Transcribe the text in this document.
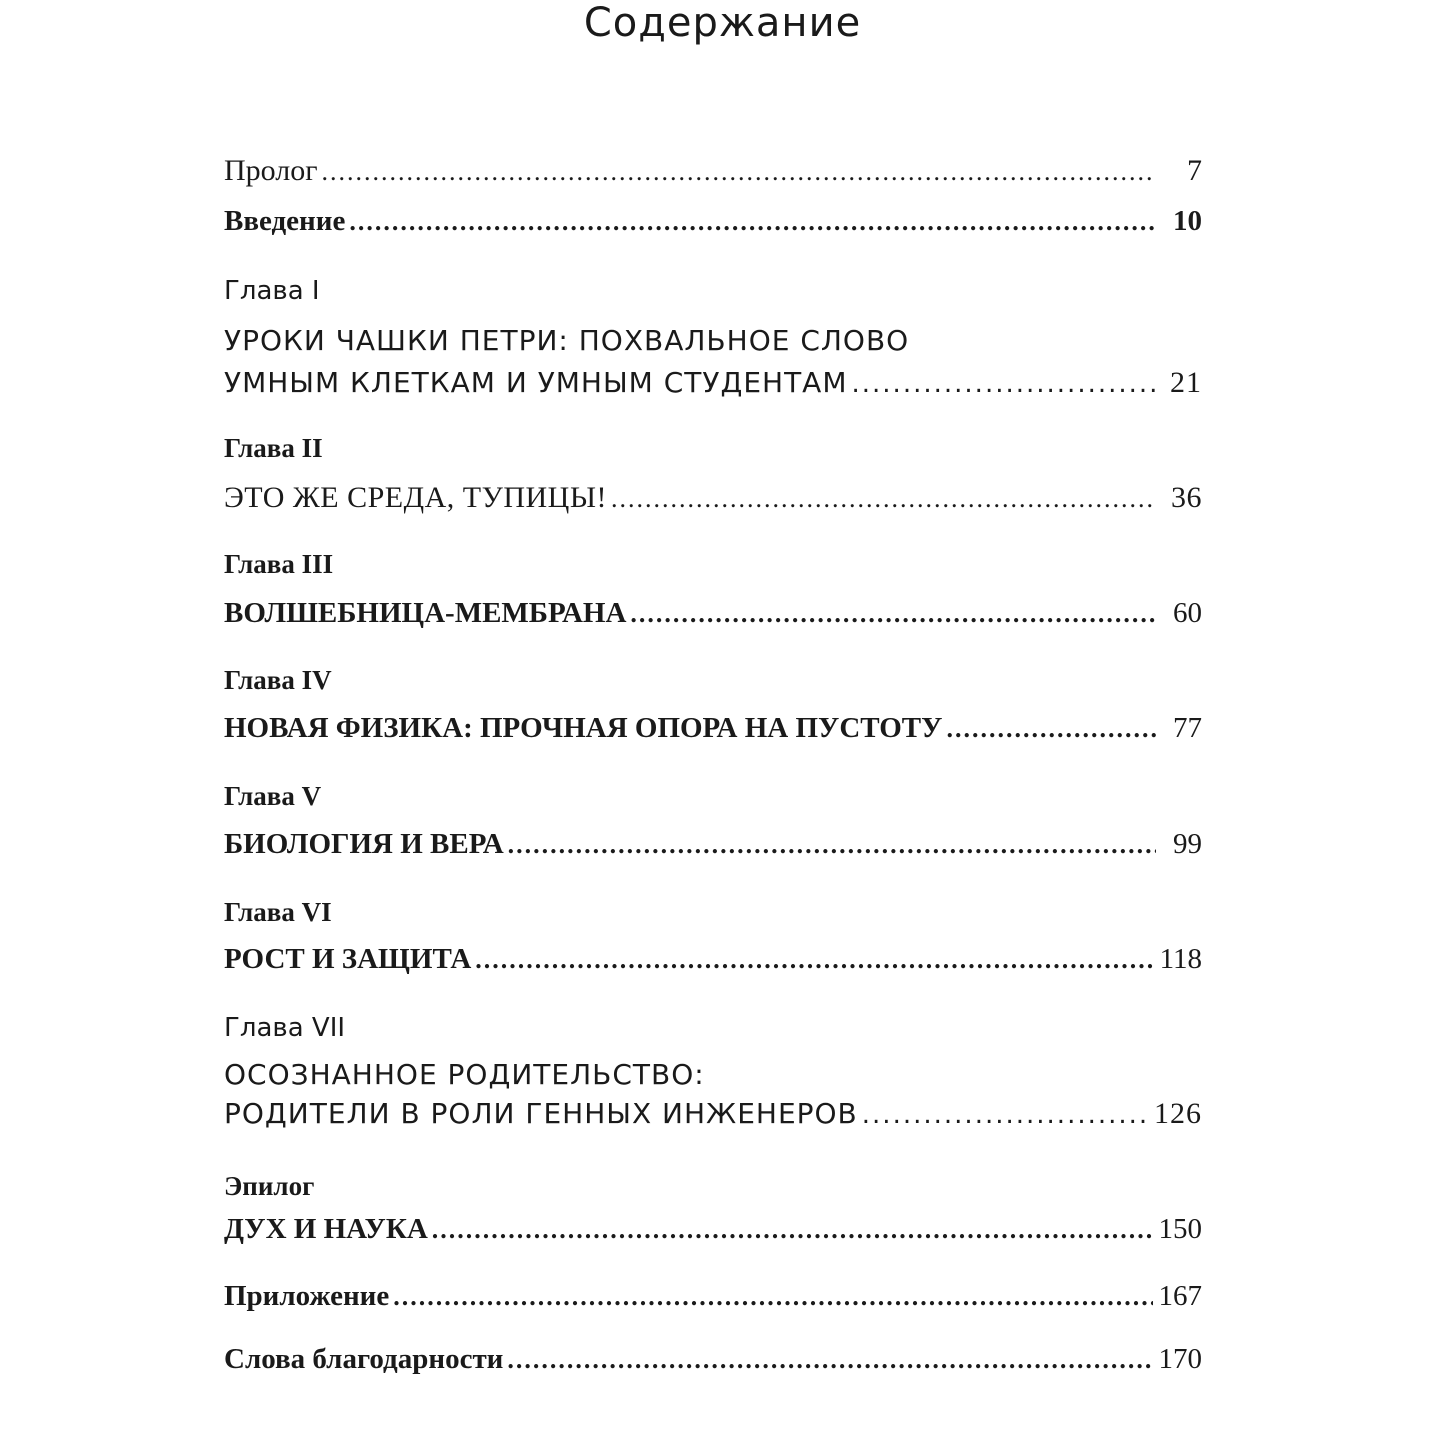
Содержание
Пролог .....	7
Введение .....	10
Глава I
УРОКИ ЧАШКИ ПЕТРИ: ПОХВАЛЬНОЕ СЛОВО
УМНЫМ КЛЕТКАМ И УМНЫМ СТУДЕНТАМ .....	21
Глава II
ЭТО ЖЕ СРЕДА, ТУПИЦЫ! .....	36
Глава III
ВОЛШЕБНИЦА-МЕМБРАНА .....	60
Глава IV
НОВАЯ ФИЗИКА: ПРОЧНАЯ ОПОРА НА ПУСТОТУ .....	77
Глава V
БИОЛОГИЯ И ВЕРА .....	99
Глава VI
РОСТ И ЗАЩИТА .....	118
Глава VII
ОСОЗНАННОЕ РОДИТЕЛЬСТВО:
РОДИТЕЛИ В РОЛИ ГЕННЫХ ИНЖЕНЕРОВ .....	126
Эпилог
ДУХ И НАУКА .....	150
Приложение .....	167
Слова благодарности .....	170
